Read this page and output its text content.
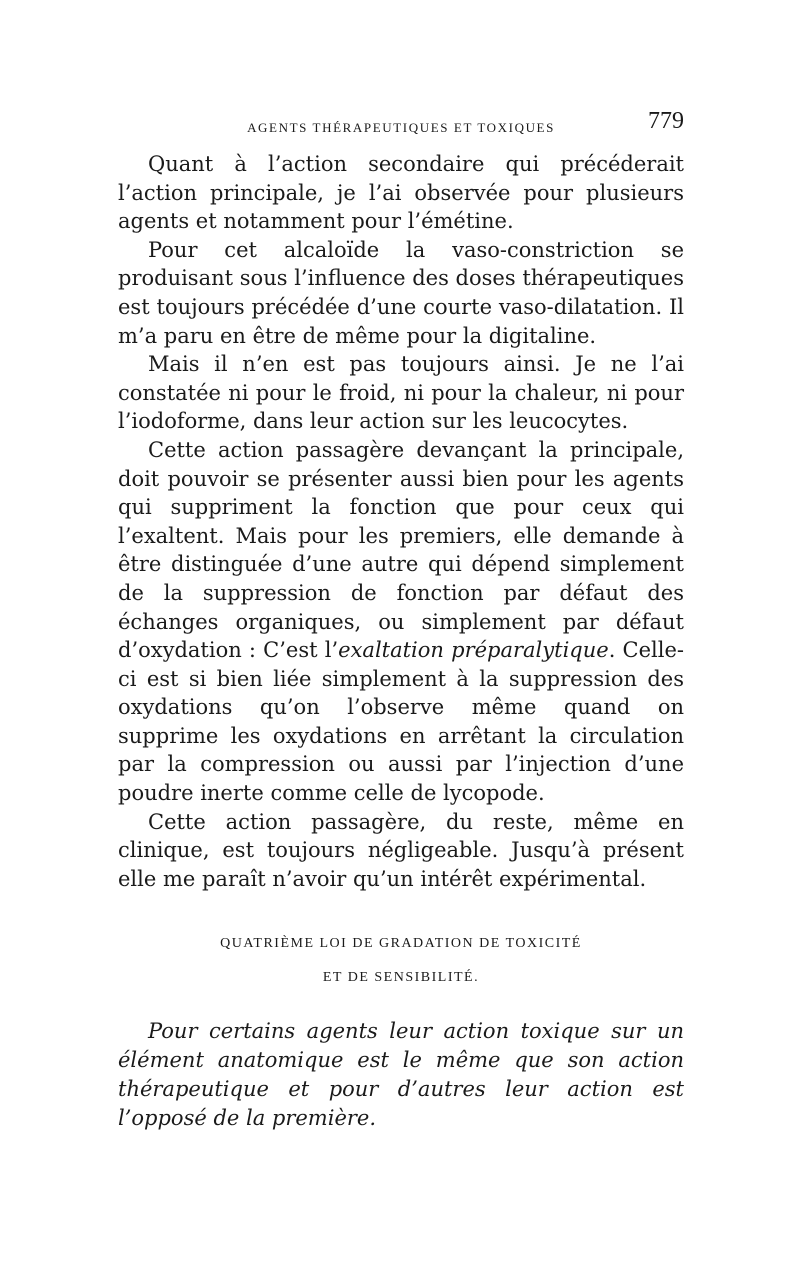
AGENTS THÉRAPEUTIQUES ET TOXIQUES	779

Quant à l’action secondaire qui précéderait l’action principale, je l’ai observée pour plusieurs agents et notamment pour l’émétine.

Pour cet alcaloïde la vaso-constriction se produisant sous l’influence des doses thérapeutiques est toujours précédée d’une courte vaso-dilatation. Il m’a paru en être de même pour la digitaline.

Mais il n’en est pas toujours ainsi. Je ne l’ai constatée ni pour le froid, ni pour la chaleur, ni pour l’iodoforme, dans leur action sur les leucocytes.

Cette action passagère devançant la principale, doit pouvoir se présenter aussi bien pour les agents qui suppriment la fonction que pour ceux qui l’exaltent. Mais pour les premiers, elle demande à être distinguée d’une autre qui dépend simplement de la suppression de fonction par défaut des échanges organiques, ou simplement par défaut d’oxydation : C’est l’exaltation préparalytique. Celle-ci est si bien liée simplement à la suppression des oxydations qu’on l’observe même quand on supprime les oxydations en arrêtant la circulation par la compression ou aussi par l’injection d’une poudre inerte comme celle de lycopode.

Cette action passagère, du reste, même en clinique, est toujours négligeable. Jusqu’à présent elle me paraît n’avoir qu’un intérêt expérimental.

QUATRIÈME LOI DE GRADATION DE TOXICITÉ
ET DE SENSIBILITÉ.

Pour certains agents leur action toxique sur un élément anatomique est le même que son action thérapeutique et pour d’autres leur action est l’opposé de la première.
